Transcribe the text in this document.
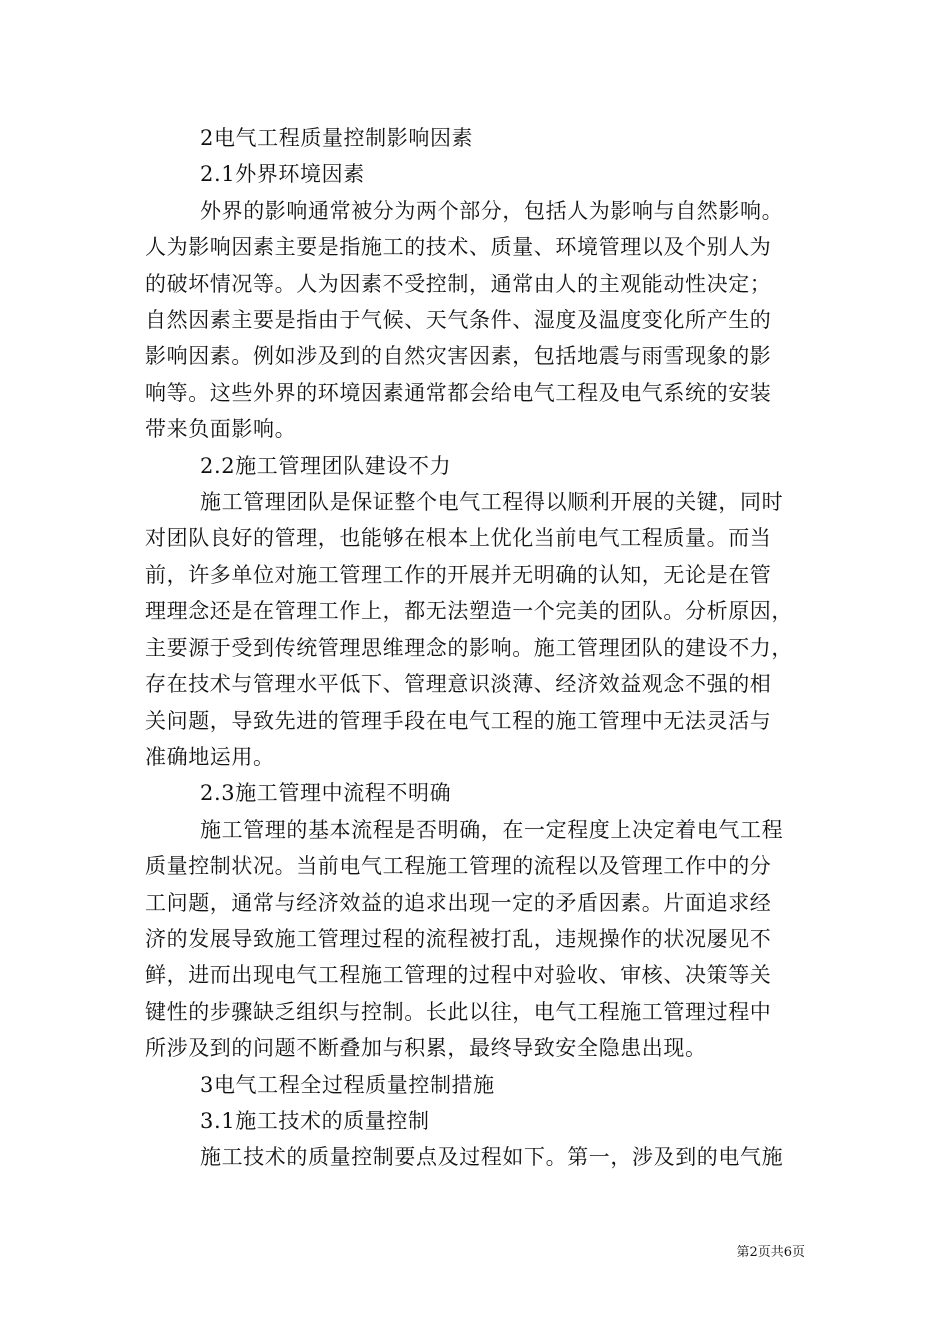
2电气工程质量控制影响因素
2.1外界环境因素
外界的影响通常被分为两个部分，包括人为影响与自然影响。
人为影响因素主要是指施工的技术、质量、环境管理以及个别人为
的破坏情况等。人为因素不受控制，通常由人的主观能动性决定；
自然因素主要是指由于气候、天气条件、湿度及温度变化所产生的
影响因素。例如涉及到的自然灾害因素，包括地震与雨雪现象的影
响等。这些外界的环境因素通常都会给电气工程及电气系统的安装
带来负面影响。
2.2施工管理团队建设不力
施工管理团队是保证整个电气工程得以顺利开展的关键，同时
对团队良好的管理，也能够在根本上优化当前电气工程质量。而当
前，许多单位对施工管理工作的开展并无明确的认知，无论是在管
理理念还是在管理工作上，都无法塑造一个完美的团队。分析原因，
主要源于受到传统管理思维理念的影响。施工管理团队的建设不力，
存在技术与管理水平低下、管理意识淡薄、经济效益观念不强的相
关问题，导致先进的管理手段在电气工程的施工管理中无法灵活与
准确地运用。
2.3施工管理中流程不明确
施工管理的基本流程是否明确，在一定程度上决定着电气工程
质量控制状况。当前电气工程施工管理的流程以及管理工作中的分
工问题，通常与经济效益的追求出现一定的矛盾因素。片面追求经
济的发展导致施工管理过程的流程被打乱，违规操作的状况屡见不
鲜，进而出现电气工程施工管理的过程中对验收、审核、决策等关
键性的步骤缺乏组织与控制。长此以往，电气工程施工管理过程中
所涉及到的问题不断叠加与积累，最终导致安全隐患出现。
3电气工程全过程质量控制措施
3.1施工技术的质量控制
施工技术的质量控制要点及过程如下。第一，涉及到的电气施
第2页共6页
